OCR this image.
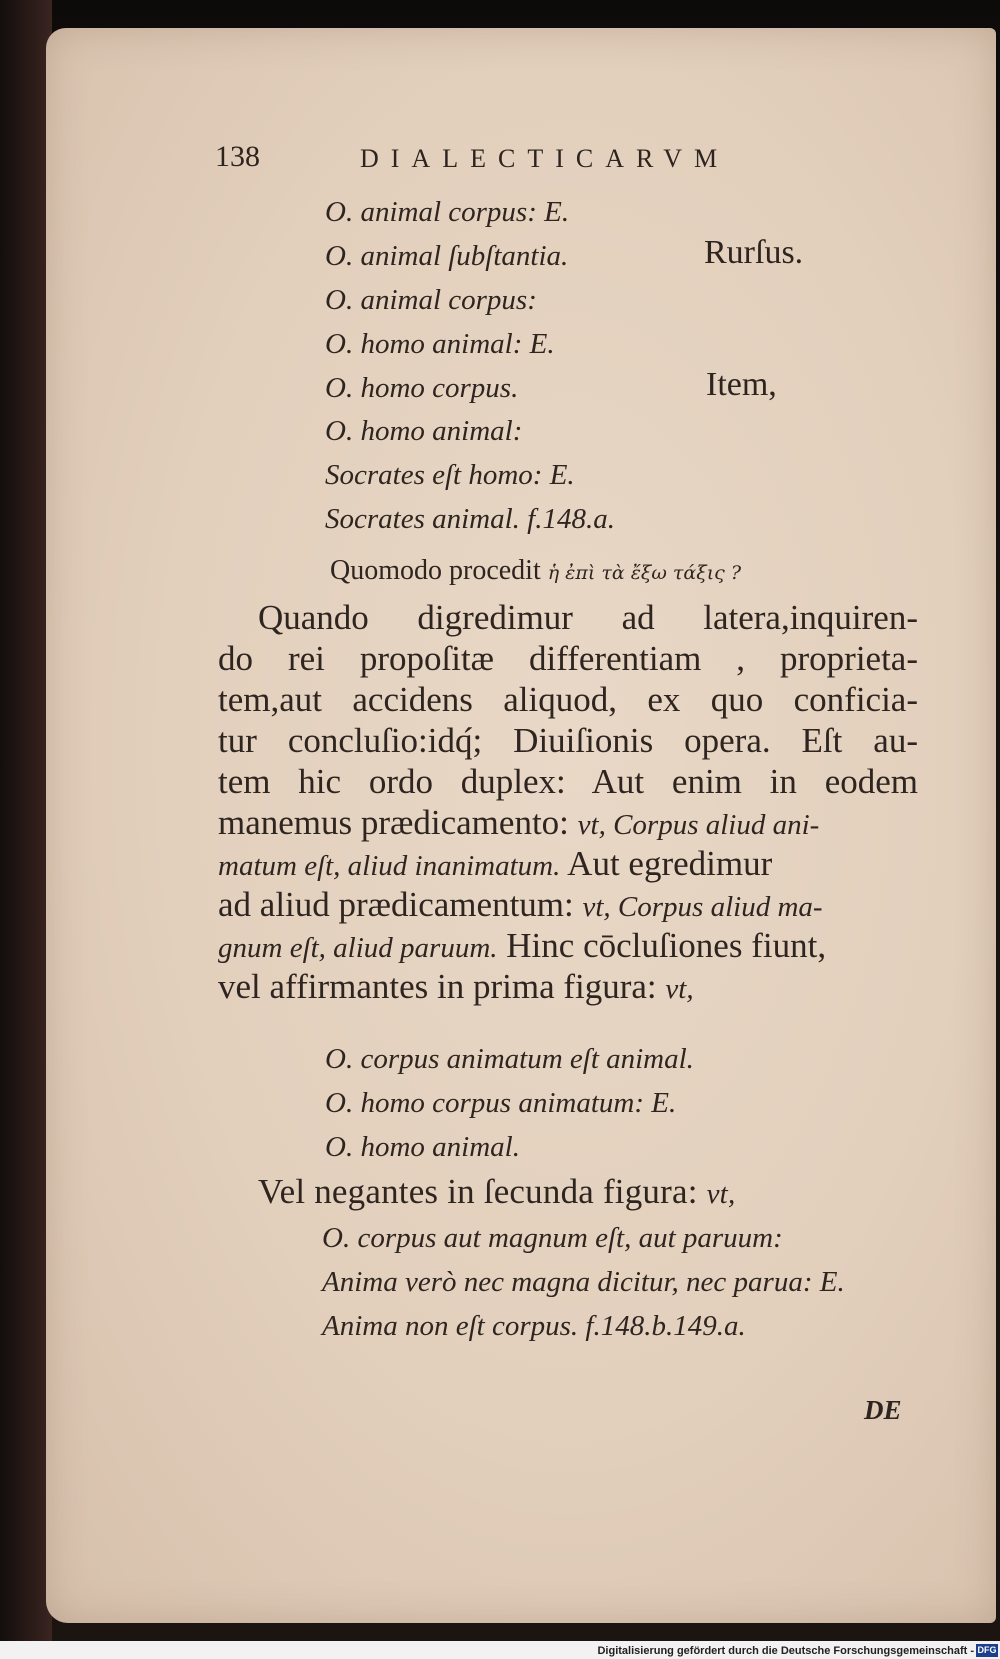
138	DIALECTICARVM
O. animal corpus: E.
O. animal ſubſtantia.
O. animal corpus:
O. homo animal: E.
O. homo corpus.
O. homo animal:
Socrates eſt homo: E.
Socrates animal. f.148.a.
Rurſus.
Item,
Quomodo procedit ἡ ἐπὶ τὰ ἔξω τάξις ?
Quando digredimur ad latera,inquiren-
do rei propoſitæ differentiam , proprieta-
tem,aut accidens aliquod, ex quo conficia-
tur concluſio:idq́; Diuiſionis opera. Eſt au-
tem hic ordo duplex: Aut enim in eodem
manemus prædicamento: vt, Corpus aliud ani-
matum eſt, aliud inanimatum. Aut egredimur
ad aliud prædicamentum: vt, Corpus aliud ma-
gnum eſt, aliud paruum. Hinc cōcluſiones fiunt,
vel affirmantes in prima figura: vt,
O. corpus animatum eſt animal.
O. homo corpus animatum: E.
O. homo animal.
Vel negantes in ſecunda figura: vt,
O. corpus aut magnum eſt, aut paruum:
Anima verò nec magna dicitur, nec parua: E.
Anima non eſt corpus. f.148.b.149.a.
DE
Digitalisierung gefördert durch die Deutsche Forschungsgemeinschaft - DFG
